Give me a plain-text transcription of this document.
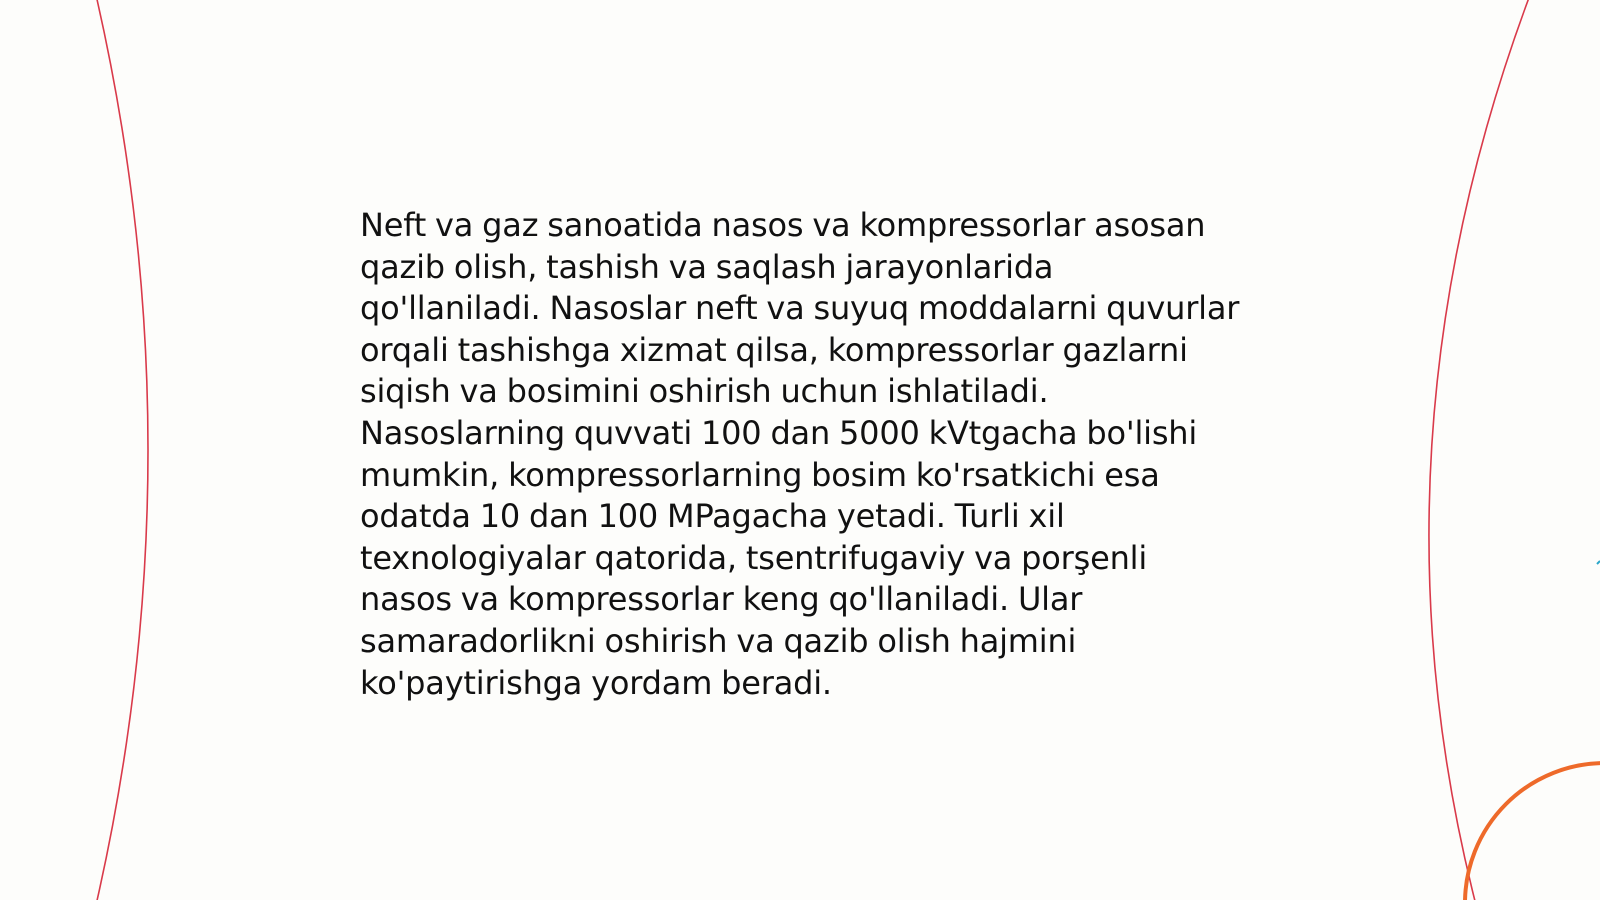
Neft va gaz sanoatida nasos va kompressorlar asosan qazib olish, tashish va saqlash jarayonlarida qo'llaniladi. Nasoslar neft va suyuq moddalarni quvurlar orqali tashishga xizmat qilsa, kompressorlar gazlarni siqish va bosimini oshirish uchun ishlatiladi. Nasoslarning quvvati 100 dan 5000 kVtgacha bo'lishi mumkin, kompressorlarning bosim ko'rsatkichi esa odatda 10 dan 100 MPagacha yetadi. Turli xil texnologiyalar qatorida, tsentrifugaviy va porşenli nasos va kompressorlar keng qo'llaniladi. Ular samaradorlikni oshirish va qazib olish hajmini ko'paytirishga yordam beradi.
